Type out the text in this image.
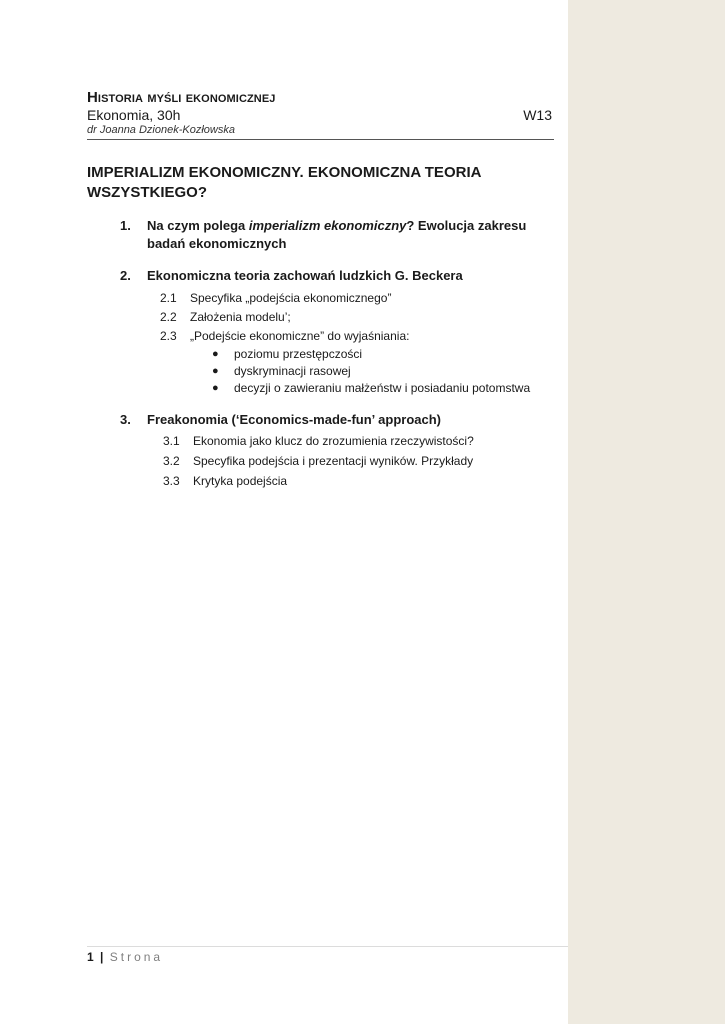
Historia myśli ekonomicznej
Ekonomia, 30h
dr Joanna Dzionek-Kozłowska
IMPERIALIZM EKONOMICZNY. EKONOMICZNA TEORIA WSZYSTKIEGO?
1. Na czym polega imperializm ekonomiczny? Ewolucja zakresu badań ekonomicznych
2. Ekonomiczna teoria zachowań ludzkich G. Beckera
2.1	Specyfika „podejścia ekonomicznego”
2.2	Założenia modelu’;
2.3	„Podejście ekonomiczne” do wyjaśniania:
● poziomu przestępczości
● dyskryminacji rasowej
● decyzji o zawieraniu małżeństw i posiadaniu potomstwa
3. Freakonomia (‘Economics-made-fun’ approach)
3.1	Ekonomia jako klucz do zrozumienia rzeczywistości?
3.2	Specyfika podejścia i prezentacji wyników. Przykłady
3.3	Krytyka podejścia
1 | Strona
W13
